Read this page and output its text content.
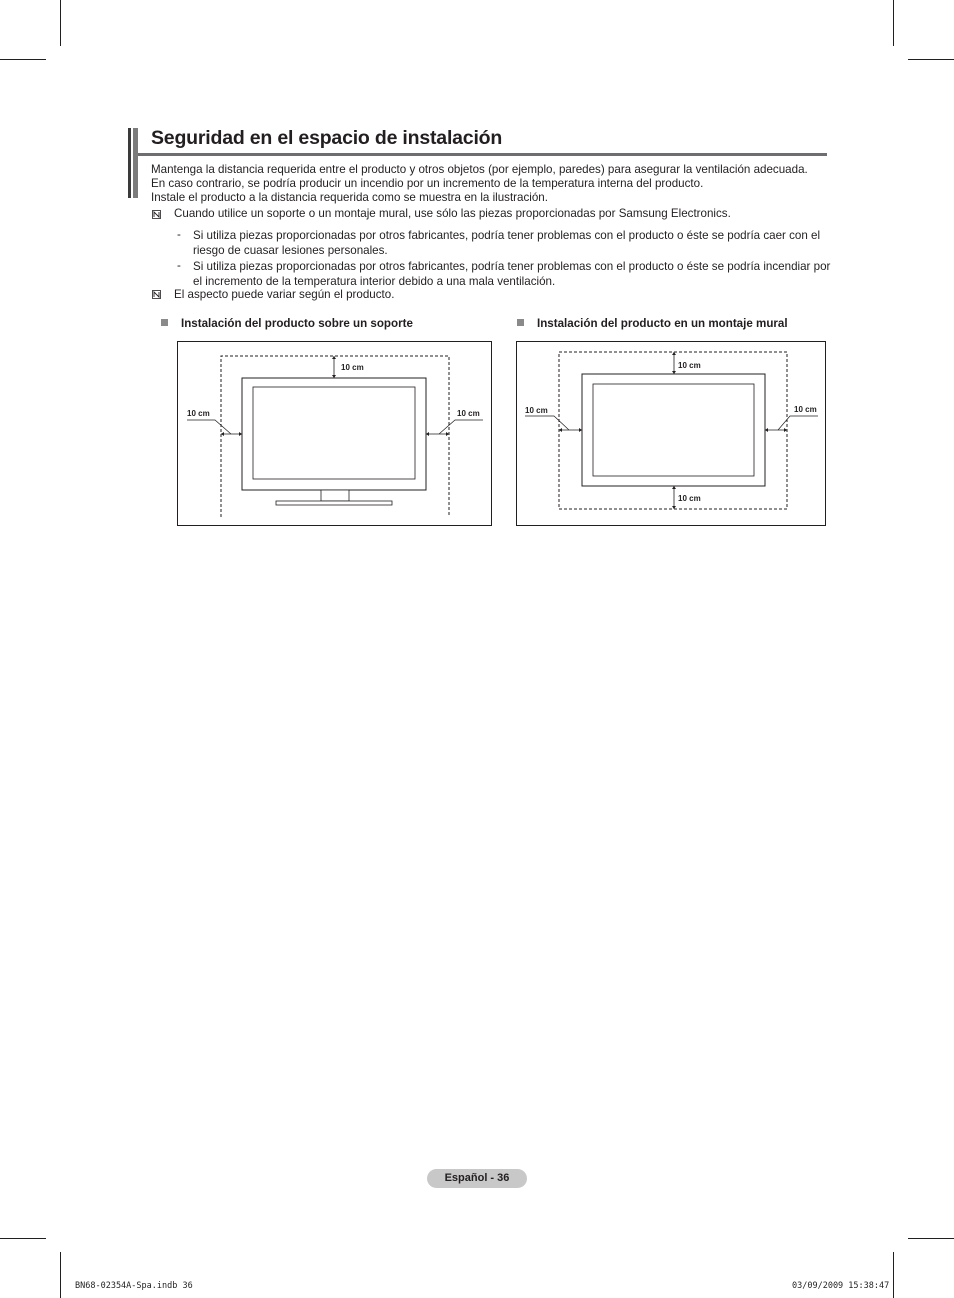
Seguridad en el espacio de instalación
Mantenga la distancia requerida entre el producto y otros objetos (por ejemplo, paredes) para asegurar la ventilación adecuada.
En caso contrario, se podría producir un incendio por un incremento de la temperatura interna del producto.
Instale el producto a la distancia requerida como se muestra en la ilustración.
Cuando utilice un soporte o un montaje mural, use sólo las piezas proporcionadas por Samsung Electronics.
- Si utiliza piezas proporcionadas por otros fabricantes, podría tener problemas con el producto o éste se podría caer con el riesgo de cuasar lesiones personales.
- Si utiliza piezas proporcionadas por otros fabricantes, podría tener problemas con el producto o éste se podría incendiar por el incremento de la temperatura interior debido a una mala ventilación.
El aspecto puede variar según el producto.
Instalación del producto sobre un soporte	Instalación del producto en un montaje mural
10 cm
10 cm	10 cm
10 cm
10 cm
10 cm	10 cm
Español - 36
BN68-02354A-Spa.indb 36	03/09/2009 15:38:47
